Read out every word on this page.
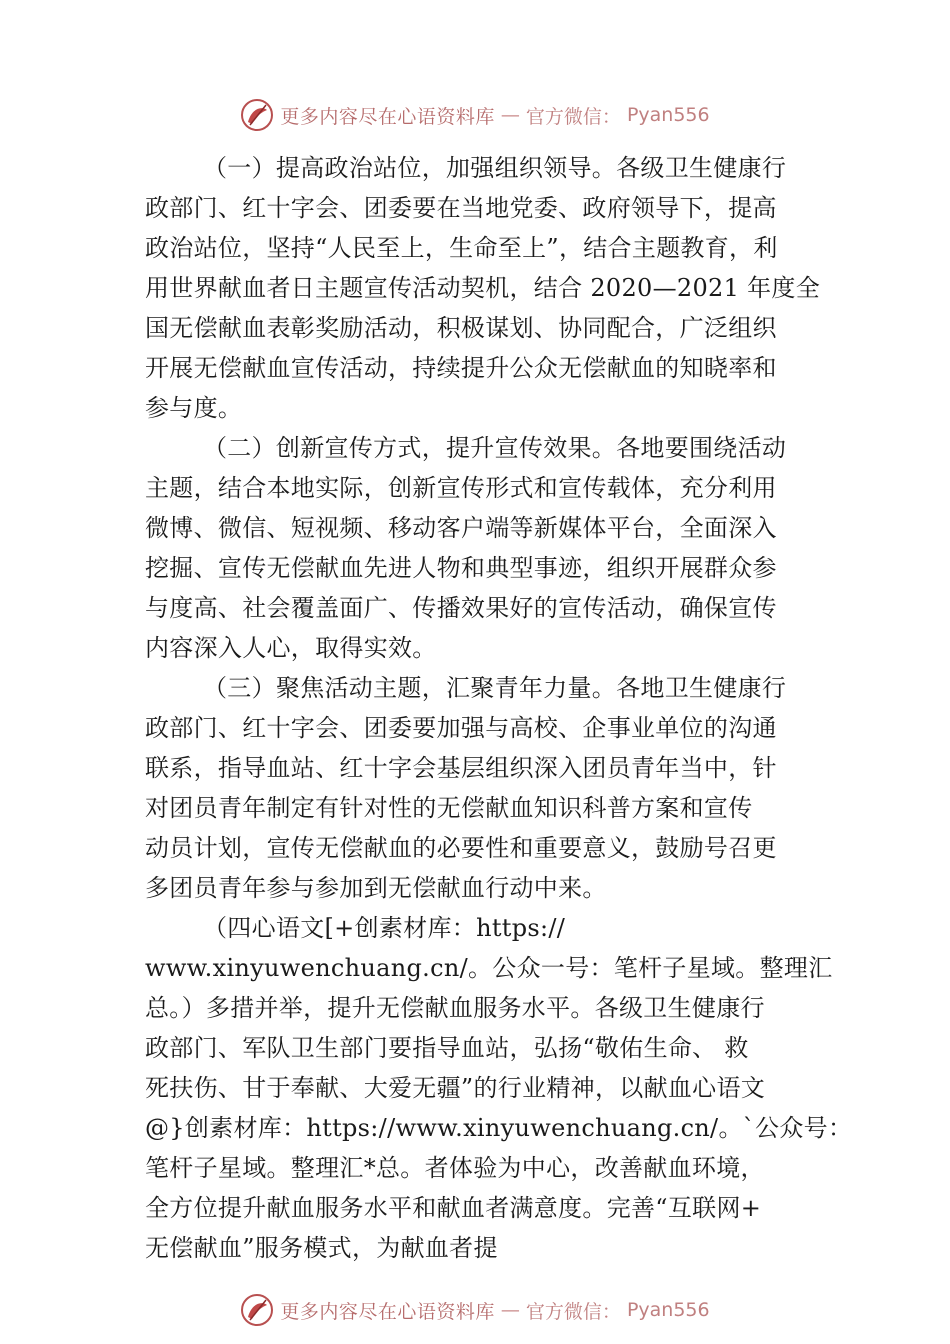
更多内容尽在心语资料库 — 官方微信： Pyan556
（一）提高政治站位，加强组织领导。各级卫生健康行
政部门、红十字会、团委要在当地党委、政府领导下，提高
政治站位，坚持“人民至上，生命至上”，结合主题教育，利
用世界献血者日主题宣传活动契机，结合 2020—2021 年度全
国无偿献血表彰奖励活动，积极谋划、协同配合，广泛组织
开展无偿献血宣传活动，持续提升公众无偿献血的知晓率和
参与度。
（二）创新宣传方式，提升宣传效果。各地要围绕活动
主题，结合本地实际，创新宣传形式和宣传载体，充分利用
微博、微信、短视频、移动客户端等新媒体平台，全面深入
挖掘、宣传无偿献血先进人物和典型事迹，组织开展群众参
与度高、社会覆盖面广、传播效果好的宣传活动，确保宣传
内容深入人心，取得实效。
（三）聚焦活动主题，汇聚青年力量。各地卫生健康行
政部门、红十字会、团委要加强与高校、企事业单位的沟通
联系，指导血站、红十字会基层组织深入团员青年当中，针
对团员青年制定有针对性的无偿献血知识科普方案和宣传
动员计划，宣传无偿献血的必要性和重要意义，鼓励号召更
多团员青年参与参加到无偿献血行动中来。
（四心语文[+创素材库：https://
www.xinyuwenchuang.cn/。公众一号：笔杆子星域。整理汇
总。）多措并举，提升无偿献血服务水平。各级卫生健康行
政部门、军队卫生部门要指导血站，弘扬“敬佑生命、 救
死扶伤、甘于奉献、大爱无疆”的行业精神，以献血心语文
@}创素材库：https://www.xinyuwenchuang.cn/。`公众号：
笔杆子星域。整理汇*总。者体验为中心，改善献血环境，
全方位提升献血服务水平和献血者满意度。完善“互联网+
无偿献血”服务模式，为献血者提
更多内容尽在心语资料库 — 官方微信： Pyan556
